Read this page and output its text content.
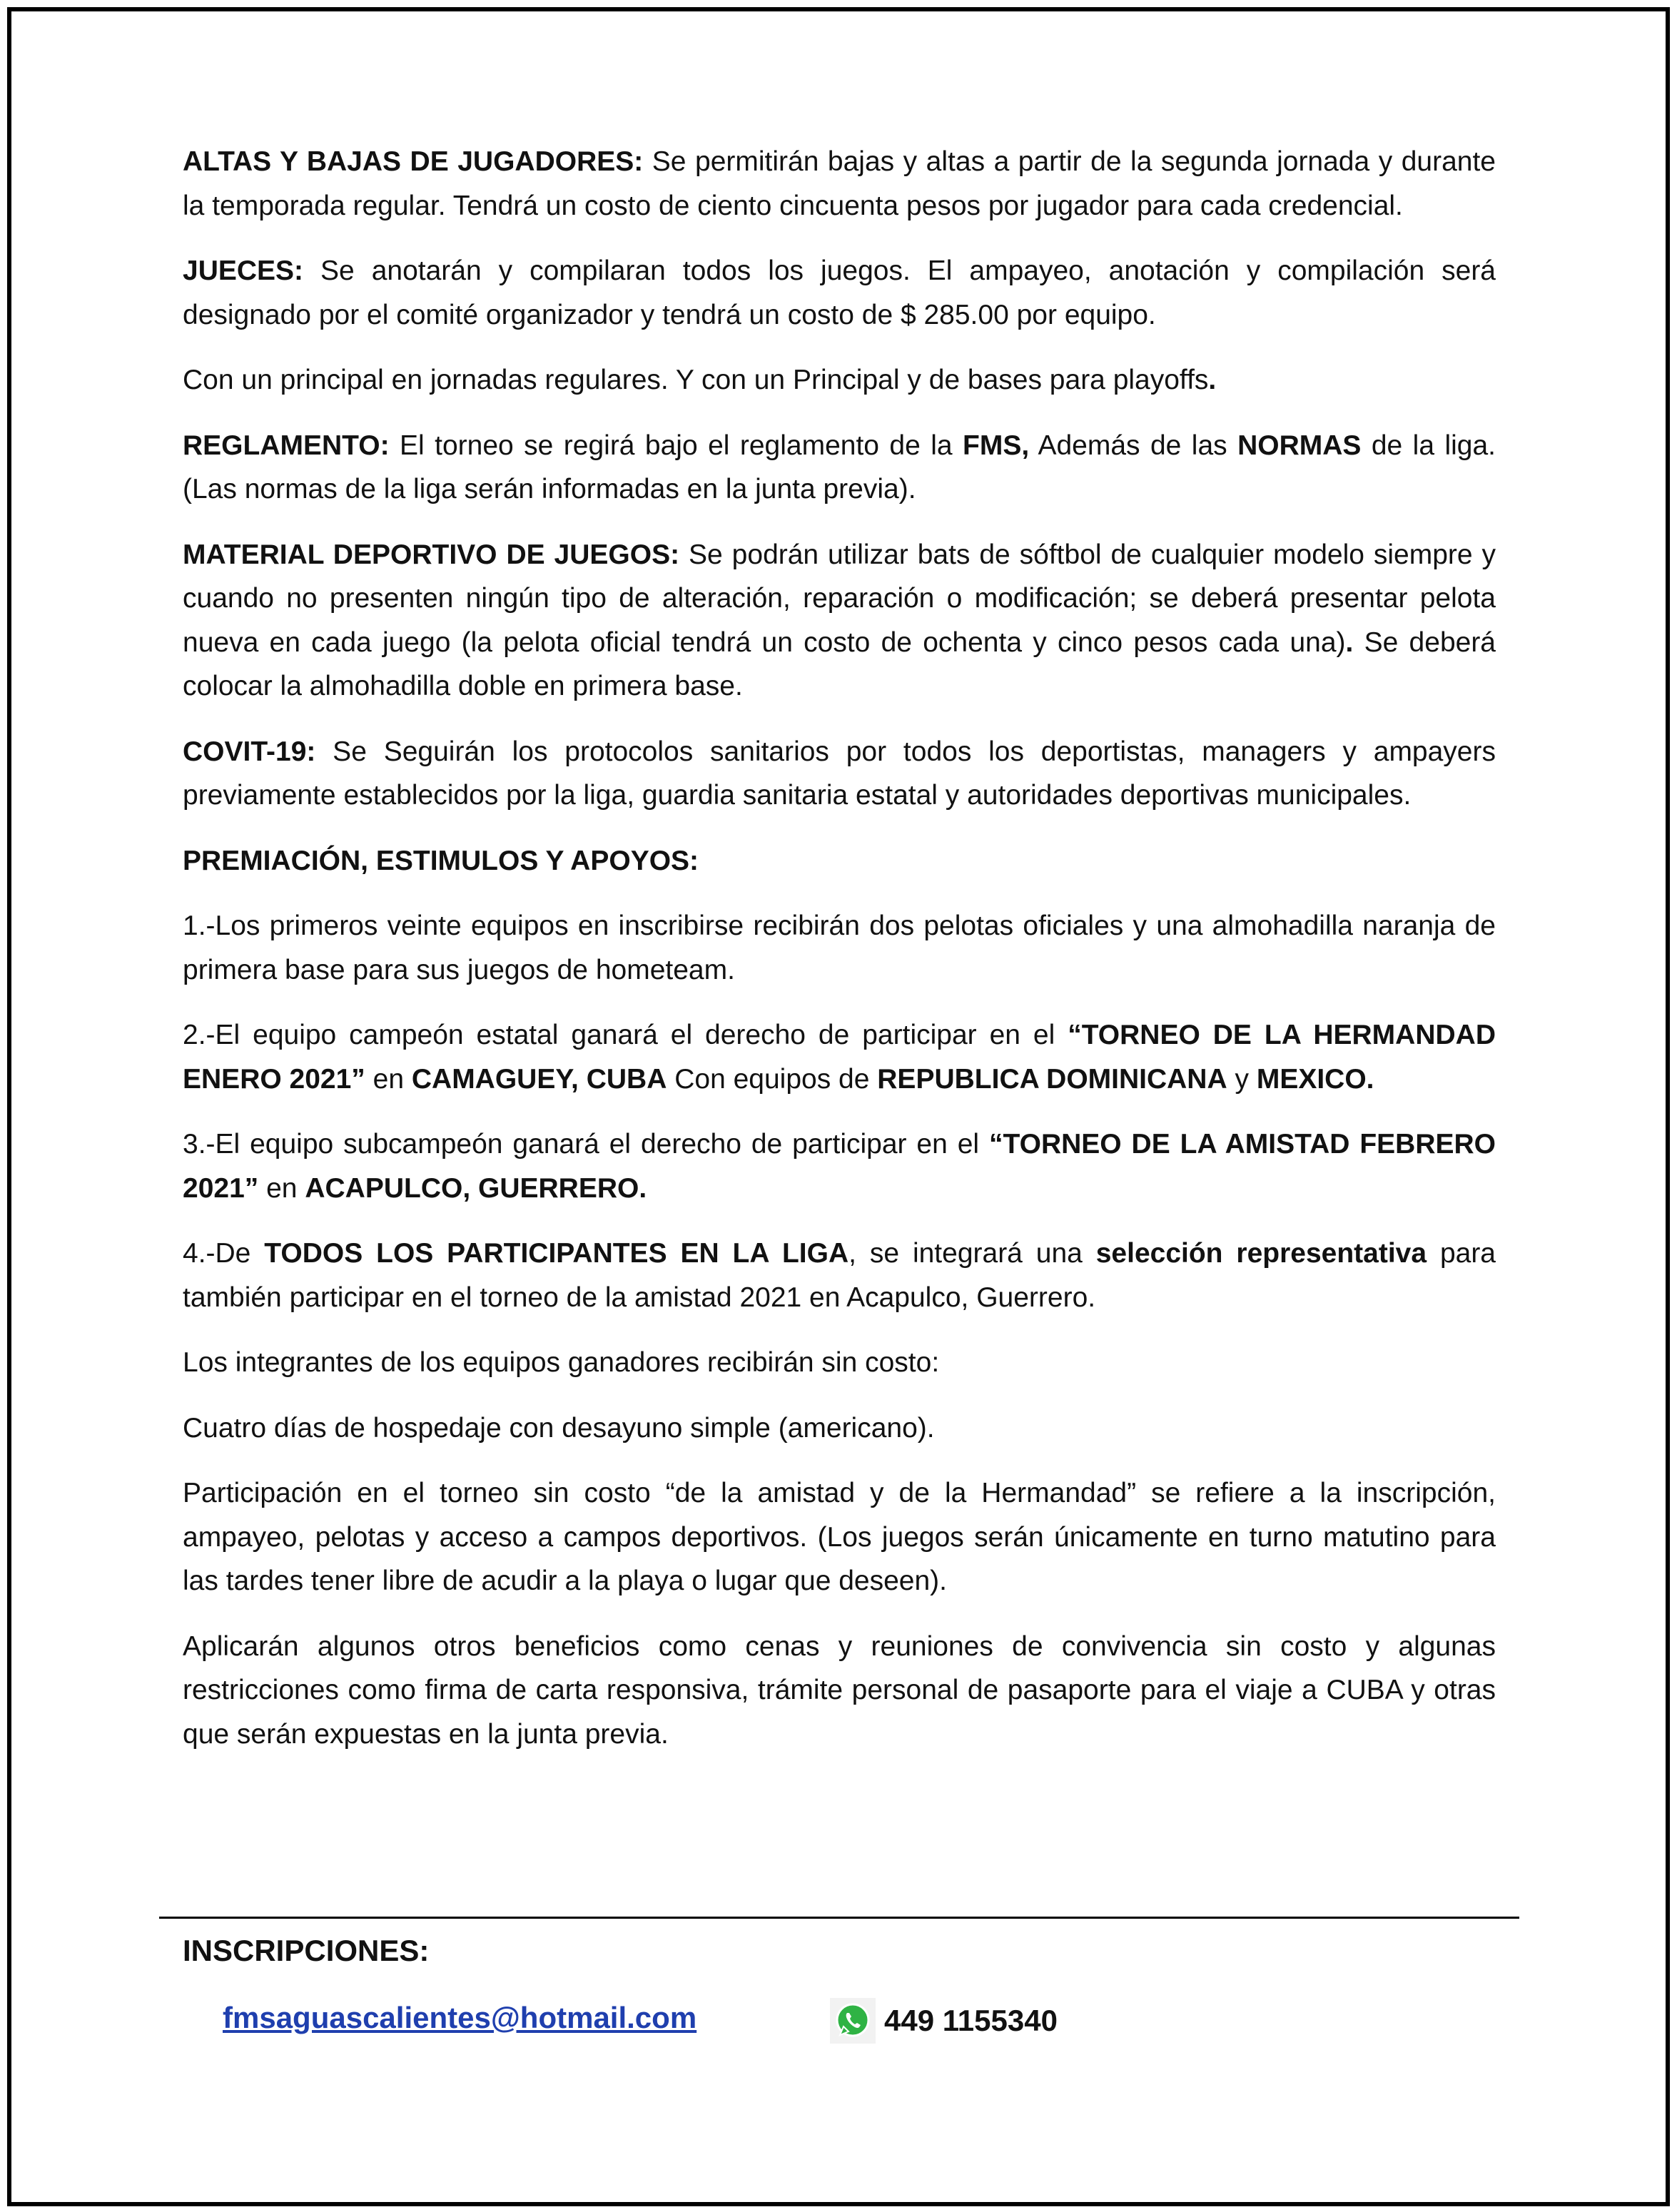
ALTAS Y BAJAS DE JUGADORES: Se permitirán bajas y altas a partir de la segunda jornada y durante la temporada regular. Tendrá un costo de ciento cincuenta pesos por jugador para cada credencial.

JUECES: Se anotarán y compilaran todos los juegos. El ampayeo, anotación y compilación será designado por el comité organizador y tendrá un costo de $ 285.00 por equipo.

Con un principal en jornadas regulares. Y con un Principal y de bases para playoffs.

REGLAMENTO: El torneo se regirá bajo el reglamento de la FMS, Además de las NORMAS de la liga. (Las normas de la liga serán informadas en la junta previa).

MATERIAL DEPORTIVO DE JUEGOS: Se podrán utilizar bats de sóftbol de cualquier modelo siempre y cuando no presenten ningún tipo de alteración, reparación o modificación; se deberá presentar pelota nueva en cada juego (la pelota oficial tendrá un costo de ochenta y cinco pesos cada una). Se deberá colocar la almohadilla doble en primera base.

COVIT-19: Se Seguirán los protocolos sanitarios por todos los deportistas, managers y ampayers previamente establecidos por la liga, guardia sanitaria estatal y autoridades deportivas municipales.

PREMIACIÓN, ESTIMULOS Y APOYOS:

1.-Los primeros veinte equipos en inscribirse recibirán dos pelotas oficiales y una almohadilla naranja de primera base para sus juegos de hometeam.

2.-El equipo campeón estatal ganará el derecho de participar en el “TORNEO DE LA HERMANDAD ENERO 2021” en CAMAGUEY, CUBA Con equipos de REPUBLICA DOMINICANA y MEXICO.

3.-El equipo subcampeón ganará el derecho de participar en el “TORNEO DE LA AMISTAD FEBRERO 2021” en ACAPULCO, GUERRERO.

4.-De TODOS LOS PARTICIPANTES EN LA LIGA, se integrará una selección representativa para también participar en el torneo de la amistad 2021 en Acapulco, Guerrero.

Los integrantes de los equipos ganadores recibirán sin costo:

Cuatro días de hospedaje con desayuno simple (americano).

Participación en el torneo sin costo “de la amistad y de la Hermandad” se refiere a la inscripción, ampayeo, pelotas y acceso a campos deportivos. (Los juegos serán únicamente en turno matutino para las tardes tener libre de acudir a la playa o lugar que deseen).

Aplicarán algunos otros beneficios como cenas y reuniones de convivencia sin costo y algunas restricciones como firma de carta responsiva, trámite personal de pasaporte para el viaje a CUBA y otras que serán expuestas en la junta previa.

INSCRIPCIONES:
fmsaguascalientes@hotmail.com	449 1155340
